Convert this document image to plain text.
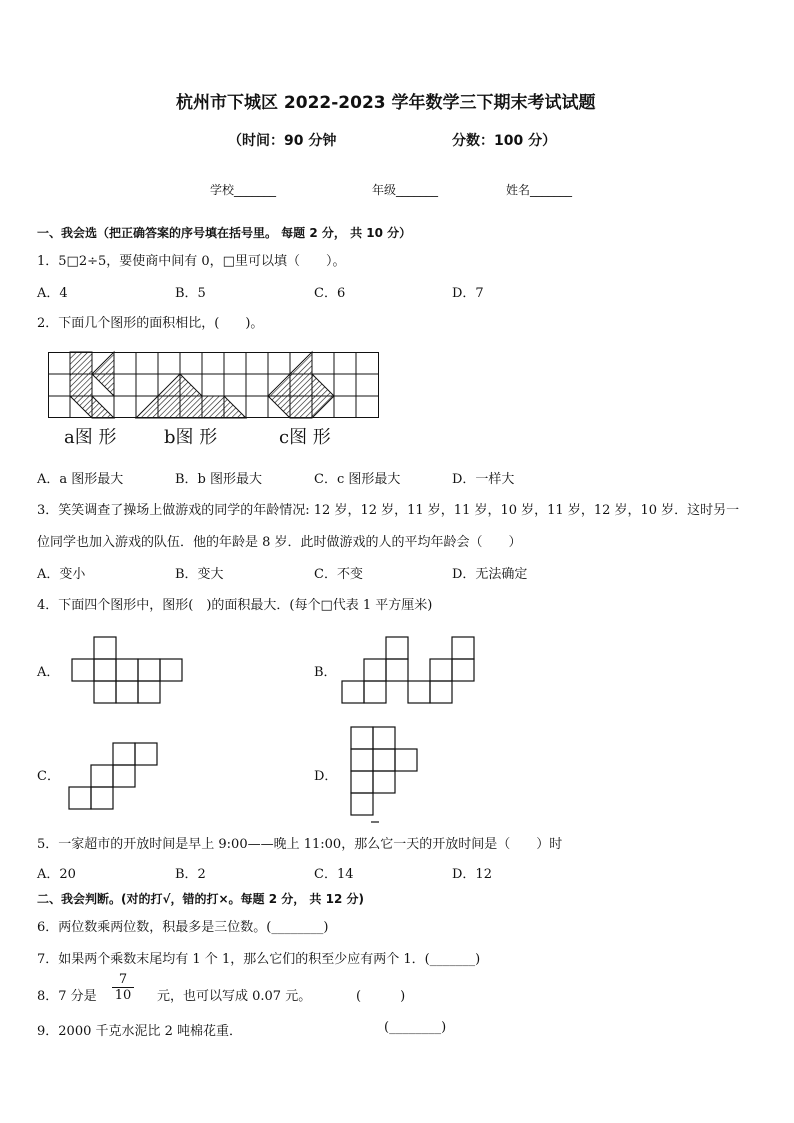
杭州市下城区 2022-2023 学年数学三下期末考试试题
（时间：90 分钟	分数：100 分）
学校_______	年级_______	姓名_______
一、我会选（把正确答案的序号填在括号里。 每题 2 分， 共 10 分）
1．5□2÷5，要使商中间有 0，□里可以填（　　）。
A．4	B．5	C．6	D．7
2．下面几个图形的面积相比，(　　)。
a图 形	b图 形	c图 形
A．a 图形最大	B．b 图形最大	C．c 图形最大	D．一样大
3．笑笑调查了操场上做游戏的同学的年龄情况: 12 岁，12 岁，11 岁，11 岁，10 岁，11 岁，12 岁，10 岁．这时另一
位同学也加入游戏的队伍．他的年龄是 8 岁．此时做游戏的人的平均年龄会（　　）
A．变小	B．变大	C．不变	D．无法确定
4．下面四个图形中，图形(　)的面积最大．(每个□代表 1 平方厘米)
A．	B．
C．	D．
5．一家超市的开放时间是早上 9:00——晚上 11:00，那么它一天的开放时间是（　　）时
A．20	B．2	C．14	D．12
二、我会判断。(对的打√，错的打×。每题 2 分， 共 12 分)
6．两位数乘两位数，积最多是三位数。(________)
7．如果两个乘数末尾均有 1 个 1，那么它们的积至少应有两个 1．(_______)
8．7 分是 $\frac{7}{10}$ 元，也可以写成 0.07 元。	(　　　)
9．2000 千克水泥比 2 吨棉花重．	(________)
